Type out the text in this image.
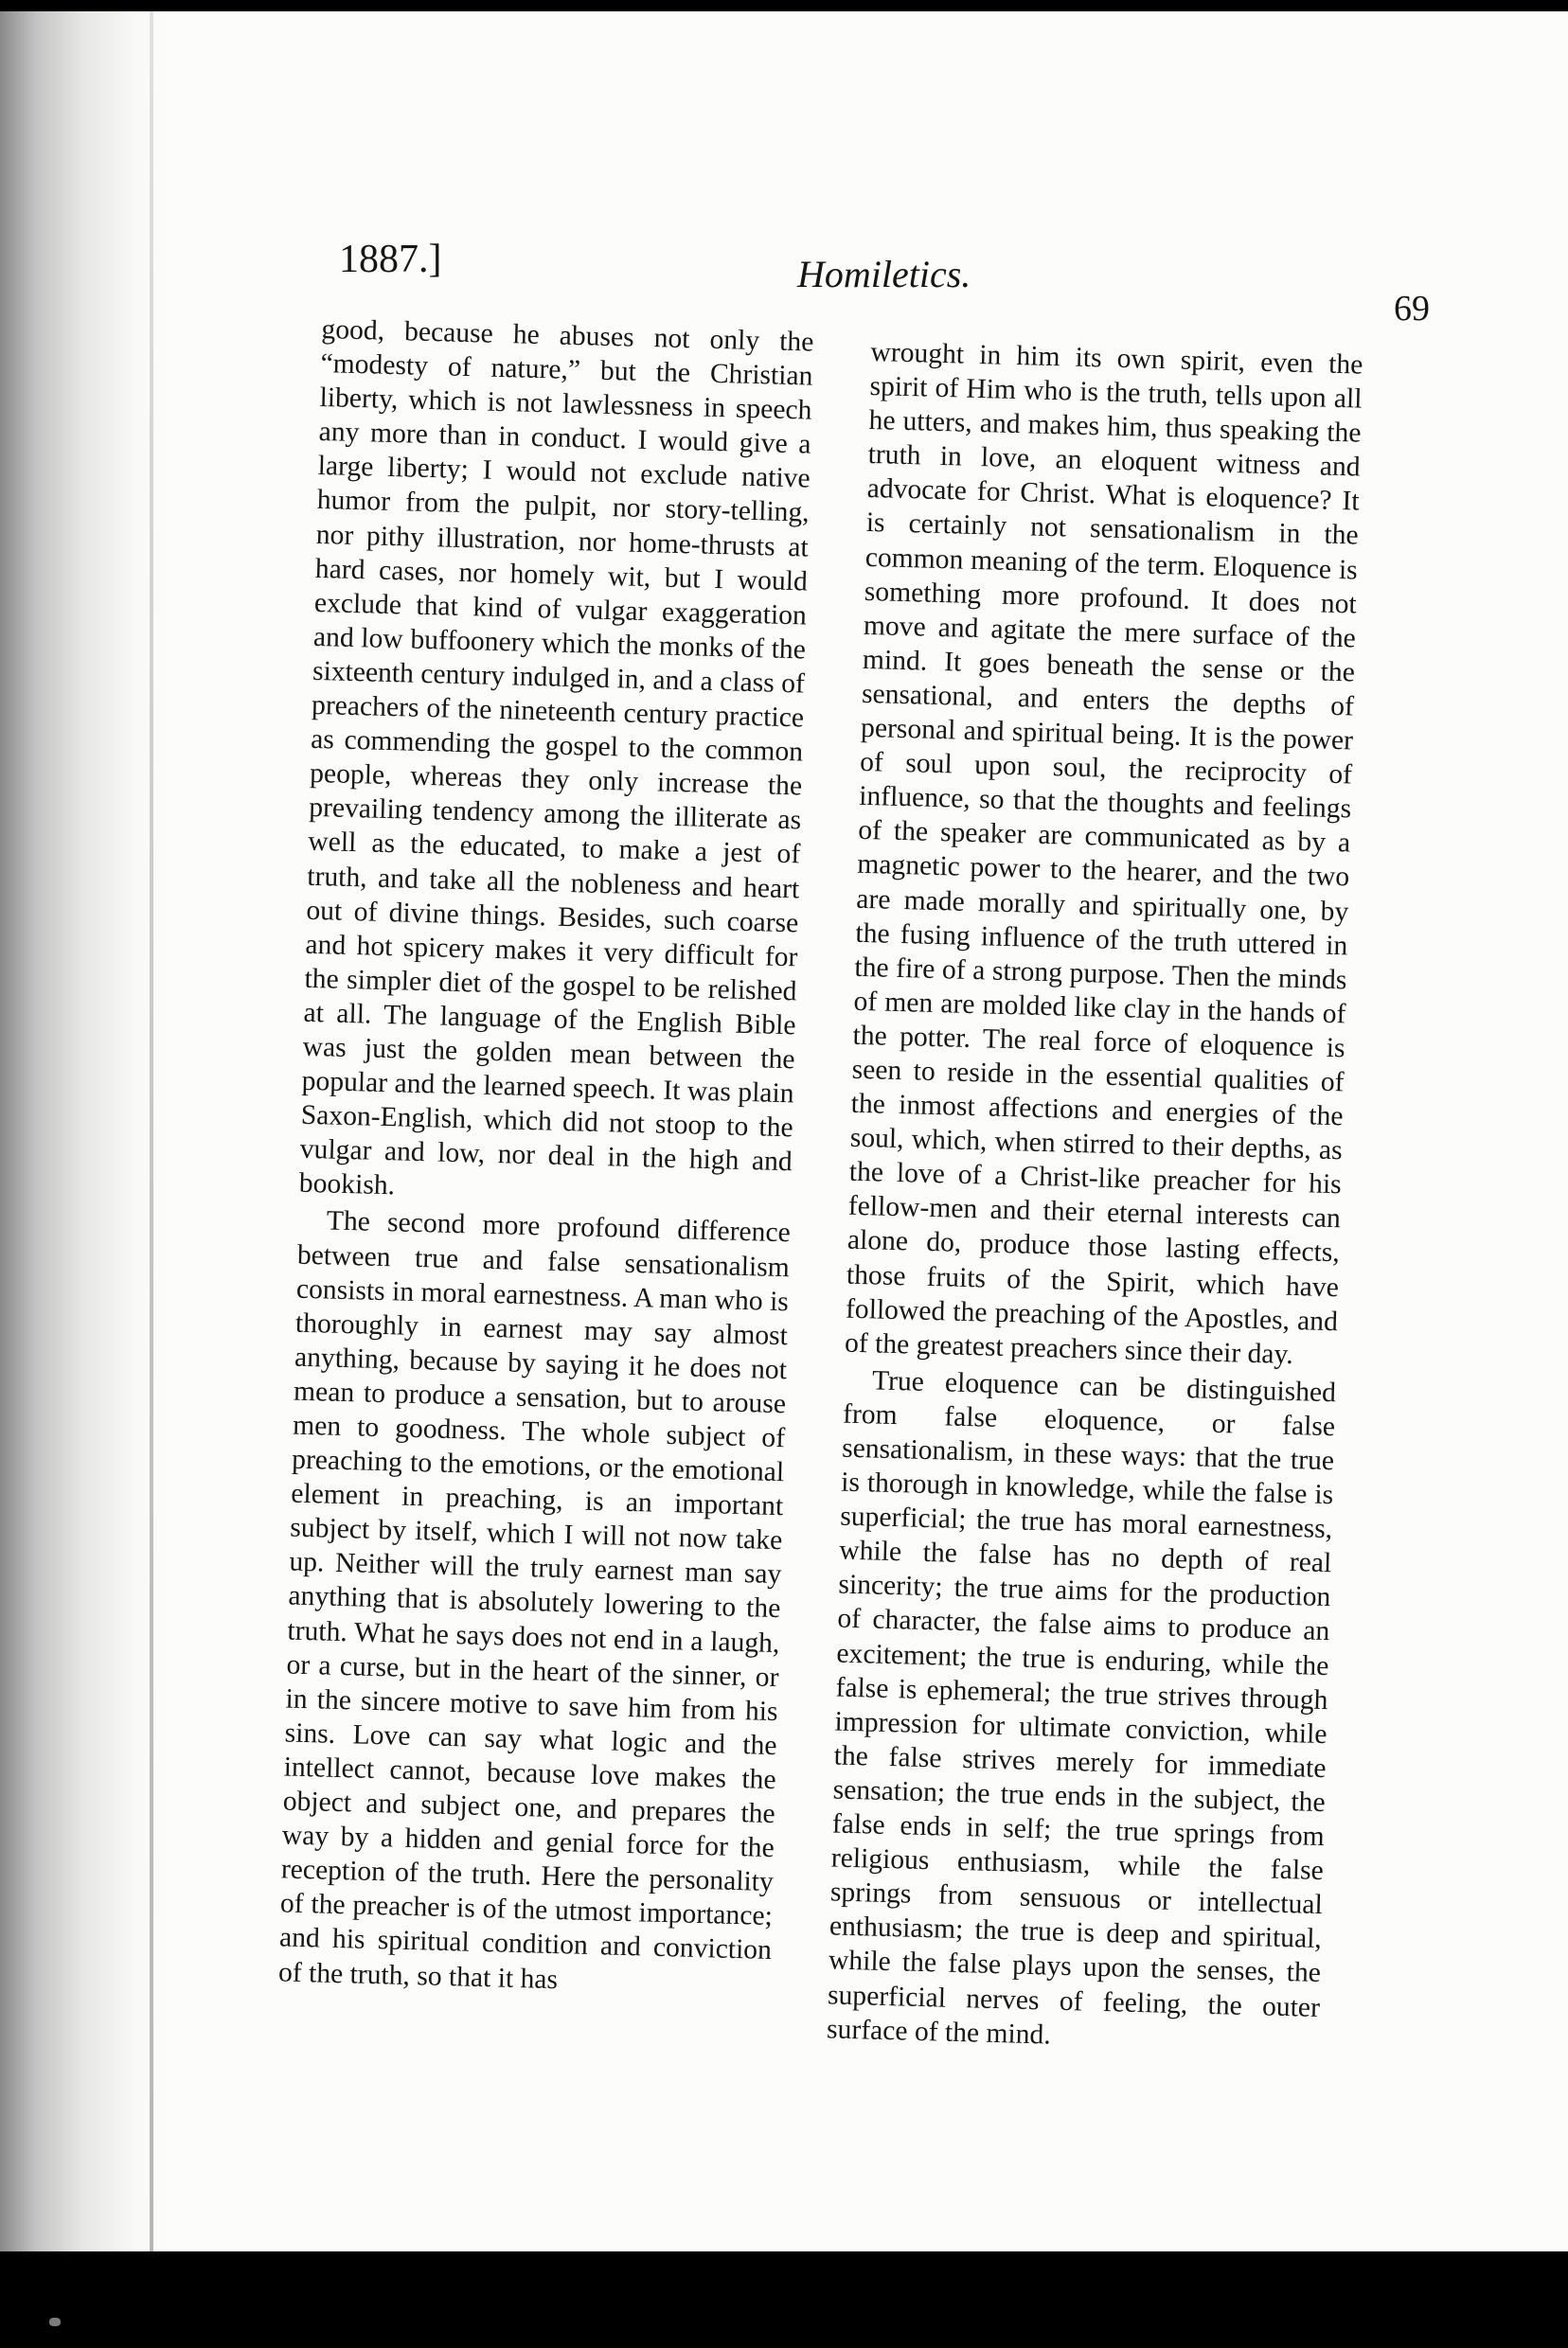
1887.]	Homiletics.
69

good, because he abuses not only the “modesty of nature,” but the Christian liberty, which is not lawlessness in speech any more than in conduct. I would give a large liberty; I would not exclude native humor from the pulpit, nor story-telling, nor pithy illustration, nor home-thrusts at hard cases, nor homely wit, but I would exclude that kind of vulgar exaggeration and low buffoonery which the monks of the sixteenth century indulged in, and a class of preachers of the nineteenth century practice as commending the gospel to the common people, whereas they only increase the prevailing tendency among the illiterate as well as the educated, to make a jest of truth, and take all the nobleness and heart out of divine things. Besides, such coarse and hot spicery makes it very difficult for the simpler diet of the gospel to be relished at all. The language of the English Bible was just the golden mean between the popular and the learned speech. It was plain Saxon-English, which did not stoop to the vulgar and low, nor deal in the high and bookish.

The second more profound difference between true and false sensationalism consists in moral earnestness. A man who is thoroughly in earnest may say almost anything, because by saying it he does not mean to produce a sensation, but to arouse men to goodness. The whole subject of preaching to the emotions, or the emotional element in preaching, is an important subject by itself, which I will not now take up. Neither will the truly earnest man say anything that is absolutely lowering to the truth. What he says does not end in a laugh, or a curse, but in the heart of the sinner, or in the sincere motive to save him from his sins. Love can say what logic and the intellect cannot, because love makes the object and subject one, and prepares the way by a hidden and genial force for the reception of the truth. Here the personality of the preacher is of the utmost importance; and his spiritual condition and conviction of the truth, so that it has

wrought in him its own spirit, even the spirit of Him who is the truth, tells upon all he utters, and makes him, thus speaking the truth in love, an eloquent witness and advocate for Christ. What is eloquence? It is certainly not sensationalism in the common meaning of the term. Eloquence is something more profound. It does not move and agitate the mere surface of the mind. It goes beneath the sense or the sensational, and enters the depths of personal and spiritual being. It is the power of soul upon soul, the reciprocity of influence, so that the thoughts and feelings of the speaker are communicated as by a magnetic power to the hearer, and the two are made morally and spiritually one, by the fusing influence of the truth uttered in the fire of a strong purpose. Then the minds of men are molded like clay in the hands of the potter. The real force of eloquence is seen to reside in the essential qualities of the inmost affections and energies of the soul, which, when stirred to their depths, as the love of a Christ-like preacher for his fellow-men and their eternal interests can alone do, produce those lasting effects, those fruits of the Spirit, which have followed the preaching of the Apostles, and of the greatest preachers since their day.

True eloquence can be distinguished from false eloquence, or false sensationalism, in these ways: that the true is thorough in knowledge, while the false is superficial; the true has moral earnestness, while the false has no depth of real sincerity; the true aims for the production of character, the false aims to produce an excitement; the true is enduring, while the false is ephemeral; the true strives through impression for ultimate conviction, while the false strives merely for immediate sensation; the true ends in the subject, the false ends in self; the true springs from religious enthusiasm, while the false springs from sensuous or intellectual enthusiasm; the true is deep and spiritual, while the false plays upon the senses, the superficial nerves of feeling, the outer surface of the mind.
